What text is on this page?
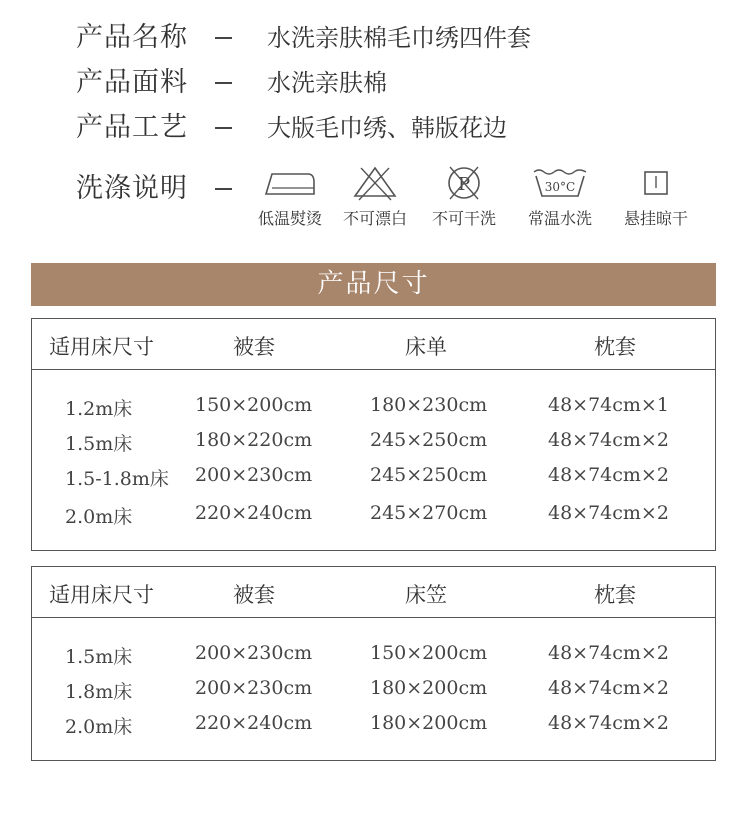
产品名称	水洗亲肤棉毛巾绣四件套
产品面料	水洗亲肤棉
产品工艺	大版毛巾绣、韩版花边
洗涤说明
低温熨烫	不可漂白
P
不可干洗
30°C
常温水洗	悬挂晾干
产品尺寸
适用床尺寸	被套	床单	枕套
1.2m床	150×200cm	180×230cm	48×74cm×1
1.5m床	180×220cm	245×250cm	48×74cm×2
1.5-1.8m床 200×230cm	245×250cm	48×74cm×2
2.0m床	220×240cm	245×270cm	48×74cm×2
适用床尺寸	被套	床笠	枕套
1.5m床	200×230cm	150×200cm	48×74cm×2
1.8m床	200×230cm	180×200cm	48×74cm×2
2.0m床	220×240cm	180×200cm	48×74cm×2
